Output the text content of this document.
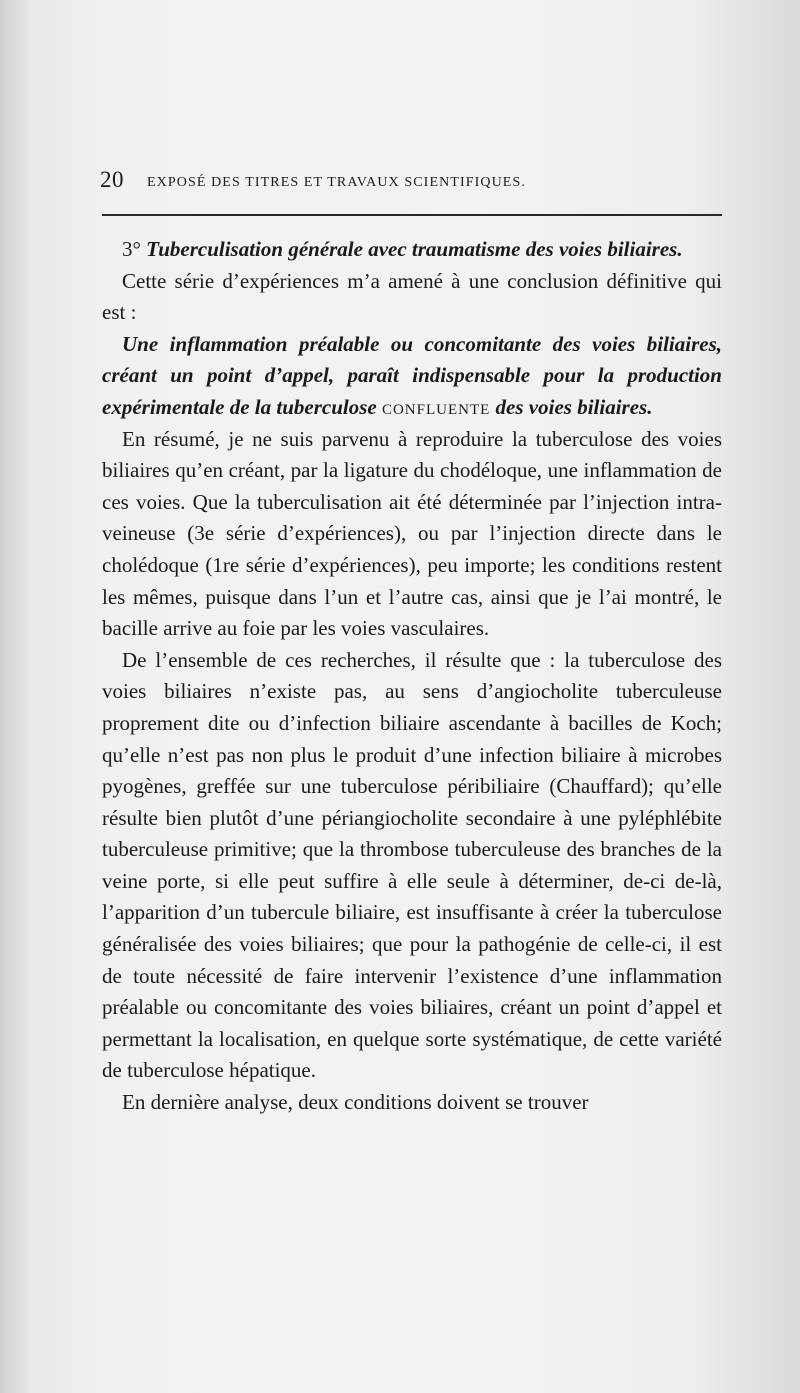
20 EXPOSÉ DES TITRES ET TRAVAUX SCIENTIFIQUES.

3° Tuberculisation générale avec traumatisme des voies biliaires.

Cette série d’expériences m’a amené à une conclusion définitive qui est :

Une inflammation préalable ou concomitante des voies biliaires, créant un point d’appel, paraît indispensable pour la production expérimentale de la tuberculose confluente des voies biliaires.

En résumé, je ne suis parvenu à reproduire la tuberculose des voies biliaires qu’en créant, par la ligature du chodéloque, une inflammation de ces voies. Que la tuberculisation ait été déterminée par l’injection intra-veineuse (3e série d’expériences), ou par l’injection directe dans le cholédoque (1re série d’expériences), peu importe; les conditions restent les mêmes, puisque dans l’un et l’autre cas, ainsi que je l’ai montré, le bacille arrive au foie par les voies vasculaires.

De l’ensemble de ces recherches, il résulte que : la tuberculose des voies biliaires n’existe pas, au sens d’angiocholite tuberculeuse proprement dite ou d’infection biliaire ascendante à bacilles de Koch; qu’elle n’est pas non plus le produit d’une infection biliaire à microbes pyogènes, greffée sur une tuberculose péribiliaire (Chauffard); qu’elle résulte bien plutôt d’une périangiocholite secondaire à une pyléphlébite tuberculeuse primitive; que la thrombose tuberculeuse des branches de la veine porte, si elle peut suffire à elle seule à déterminer, de-ci de-là, l’apparition d’un tubercule biliaire, est insuffisante à créer la tuberculose généralisée des voies biliaires; que pour la pathogénie de celle-ci, il est de toute nécessité de faire intervenir l’existence d’une inflammation préalable ou concomitante des voies biliaires, créant un point d’appel et permettant la localisation, en quelque sorte systématique, de cette variété de tuberculose hépatique.

En dernière analyse, deux conditions doivent se trouver
